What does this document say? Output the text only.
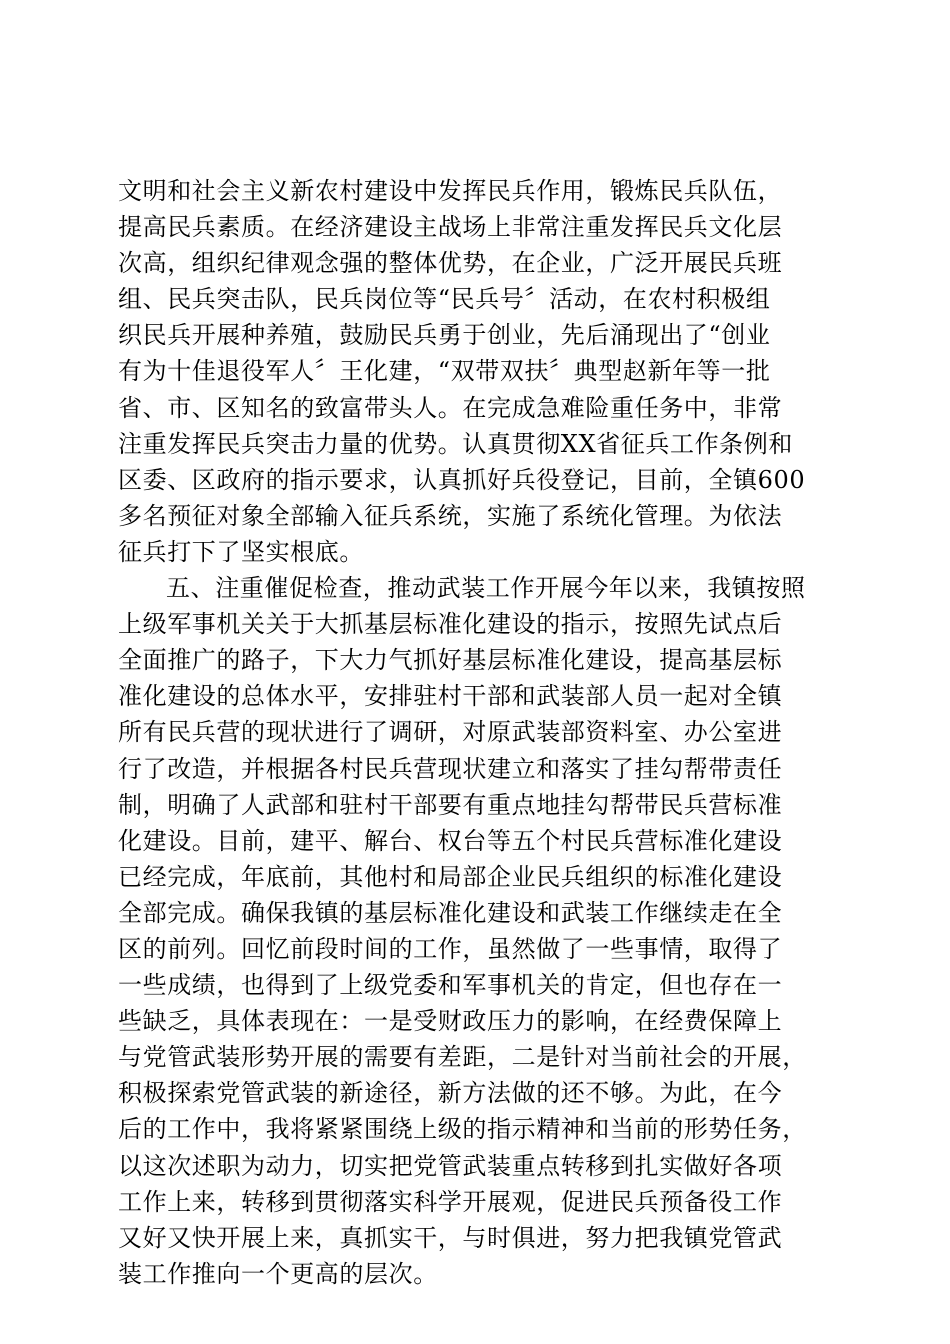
文明和社会主义新农村建设中发挥民兵作用，锻炼民兵队伍，
提高民兵素质。在经济建设主战场上非常注重发挥民兵文化层
次高，组织纪律观念强的整体优势，在企业，广泛开展民兵班
组、民兵突击队，民兵岗位等“民兵号〞活动，在农村积极组
织民兵开展种养殖，鼓励民兵勇于创业，先后涌现出了“创业
有为十佳退役军人〞王化建，“双带双扶〞典型赵新年等一批
省、市、区知名的致富带头人。在完成急难险重任务中，非常
注重发挥民兵突击力量的优势。认真贯彻XX省征兵工作条例和
区委、区政府的指示要求，认真抓好兵役登记，目前，全镇600
多名预征对象全部输入征兵系统，实施了系统化管理。为依法
征兵打下了坚实根底。
五、注重催促检查，推动武装工作开展今年以来，我镇按照
上级军事机关关于大抓基层标准化建设的指示，按照先试点后
全面推广的路子，下大力气抓好基层标准化建设，提高基层标
准化建设的总体水平，安排驻村干部和武装部人员一起对全镇
所有民兵营的现状进行了调研，对原武装部资料室、办公室进
行了改造，并根据各村民兵营现状建立和落实了挂勾帮带责任
制，明确了人武部和驻村干部要有重点地挂勾帮带民兵营标准
化建设。目前，建平、解台、权台等五个村民兵营标准化建设
已经完成，年底前，其他村和局部企业民兵组织的标准化建设
全部完成。确保我镇的基层标准化建设和武装工作继续走在全
区的前列。回忆前段时间的工作，虽然做了一些事情，取得了
一些成绩，也得到了上级党委和军事机关的肯定，但也存在一
些缺乏，具体表现在：一是受财政压力的影响，在经费保障上
与党管武装形势开展的需要有差距，二是针对当前社会的开展，
积极探索党管武装的新途径，新方法做的还不够。为此，在今
后的工作中，我将紧紧围绕上级的指示精神和当前的形势任务，
以这次述职为动力，切实把党管武装重点转移到扎实做好各项
工作上来，转移到贯彻落实科学开展观，促进民兵预备役工作
又好又快开展上来，真抓实干，与时俱进，努力把我镇党管武
装工作推向一个更高的层次。
